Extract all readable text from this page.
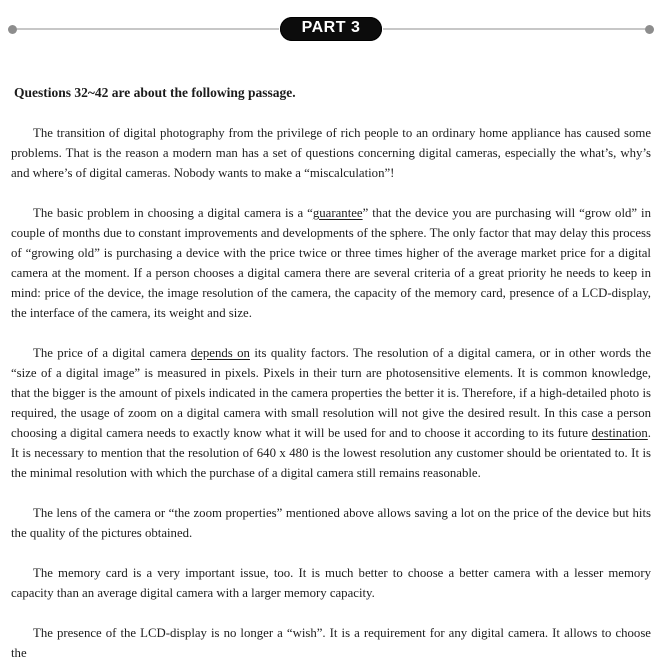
PART 3
Questions 32~42 are about the following passage.

The transition of digital photography from the privilege of rich people to an ordinary home appliance has caused some problems. That is the reason a modern man has a set of questions concerning digital cameras, especially the what’s, why’s and where’s of digital cameras. Nobody wants to make a “miscalculation”!

The basic problem in choosing a digital camera is a “guarantee” that the device you are purchasing will “grow old” in couple of months due to constant improvements and developments of the sphere. The only factor that may delay this process of “growing old” is purchasing a device with the price twice or three times higher of the average market price for a digital camera at the moment. If a person chooses a digital camera there are several criteria of a great priority he needs to keep in mind: price of the device, the image resolution of the camera, the capacity of the memory card, presence of a LCD-display, the interface of the camera, its weight and size.

The price of a digital camera depends on its quality factors. The resolution of a digital camera, or in other words the “size of a digital image” is measured in pixels. Pixels in their turn are photosensitive elements. It is common knowledge, that the bigger is the amount of pixels indicated in the camera properties the better it is. Therefore, if a high-detailed photo is required, the usage of zoom on a digital camera with small resolution will not give the desired result. In this case a person choosing a digital camera needs to exactly know what it will be used for and to choose it according to its future destination. It is necessary to mention that the resolution of 640 x 480 is the lowest resolution any customer should be orientated to. It is the minimal resolution with which the purchase of a digital camera still remains reasonable.

The lens of the camera or “the zoom properties” mentioned above allows saving a lot on the price of the device but hits the quality of the pictures obtained.

The memory card is a very important issue, too. It is much better to choose a better camera with a lesser memory capacity than an average digital camera with a larger memory capacity.

The presence of the LCD-display is no longer a “wish”. It is a requirement for any digital camera. It allows to choose the
